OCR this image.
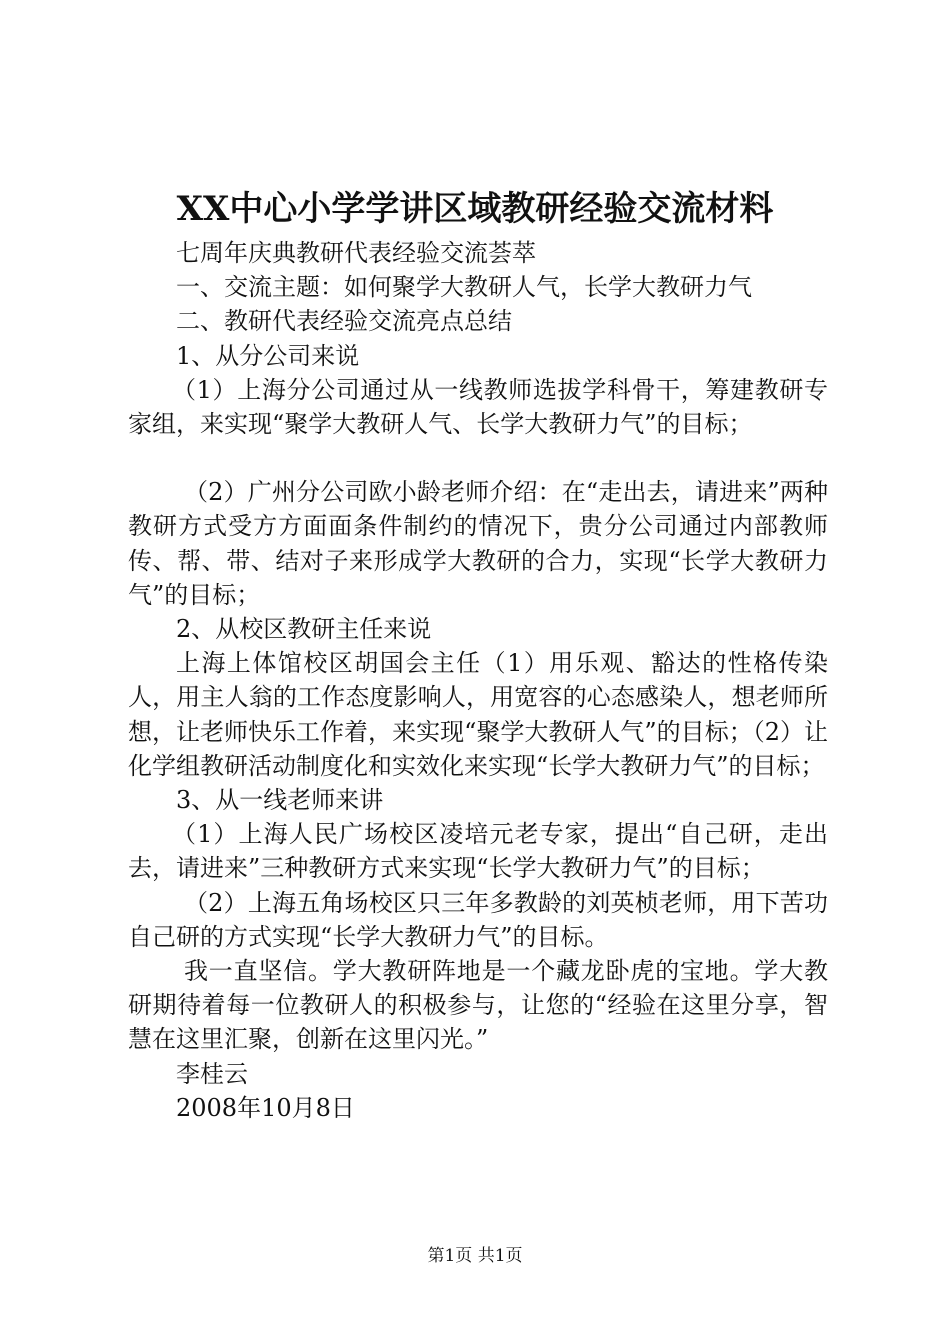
XX中心小学学讲区域教研经验交流材料

七周年庆典教研代表经验交流荟萃

一、交流主题：如何聚学大教研人气，长学大教研力气

二、教研代表经验交流亮点总结

1、从分公司来说

（1）上海分公司通过从一线教师选拔学科骨干，筹建教研专家组，来实现“聚学大教研人气、长学大教研力气”的目标；

（2）广州分公司欧小龄老师介绍：在“走出去，请进来”两种教研方式受方方面面条件制约的情况下，贵分公司通过内部教师传、帮、带、结对子来形成学大教研的合力，实现“长学大教研力气”的目标；

2、从校区教研主任来说

上海上体馆校区胡国会主任（1）用乐观、豁达的性格传染人，用主人翁的工作态度影响人，用宽容的心态感染人，想老师所想，让老师快乐工作着，来实现“聚学大教研人气”的目标；（2）让化学组教研活动制度化和实效化来实现“长学大教研力气”的目标；

3、从一线老师来讲

（1）上海人民广场校区凌培元老专家，提出“自己研，走出去，请进来”三种教研方式来实现“长学大教研力气”的目标；

（2）上海五角场校区只三年多教龄的刘英桢老师，用下苦功自己研的方式实现“长学大教研力气”的目标。

我一直坚信。学大教研阵地是一个藏龙卧虎的宝地。学大教研期待着每一位教研人的积极参与，让您的“经验在这里分享，智慧在这里汇聚，创新在这里闪光。”

李桂云

2008年10月8日

第1页 共1页
